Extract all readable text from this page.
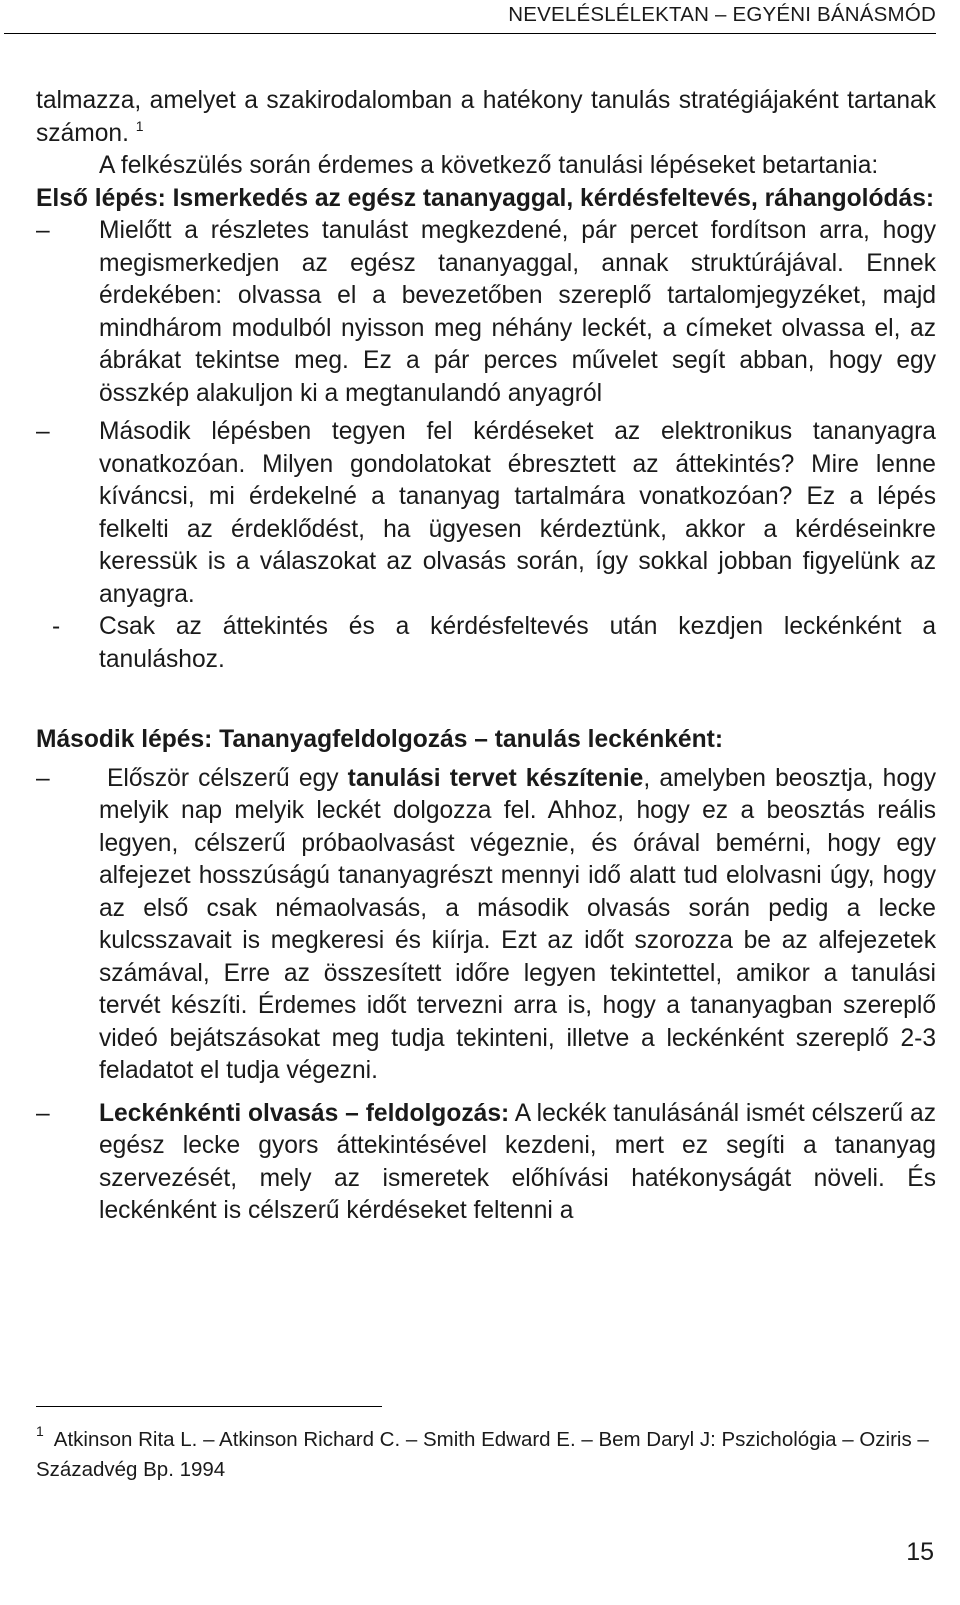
NEVELÉSLÉLEKTAN – EGYÉNI BÁNÁSMÓD

talmazza, amelyet a szakirodalomban a hatékony tanulás stratégiájaként tartanak számon. $^1$

A felkészülés során érdemes a következő tanulási lépéseket betartania:

Első lépés: Ismerkedés az egész tananyaggal, kérdésfeltevés, ráhangolódás:

– Mielőtt a részletes tanulást megkezdené, pár percet fordítson arra, hogy megismerkedjen az egész tananyaggal, annak struktúrájával. Ennek érdekében: olvassa el a bevezetőben szereplő tartalomjegyzéket, majd mindhárom modulból nyisson meg néhány leckét, a címeket olvassa el, az ábrákat tekintse meg. Ez a pár perces művelet segít abban, hogy egy összkép alakuljon ki a megtanulandó anyagról
– Második lépésben tegyen fel kérdéseket az elektronikus tananyagra vonatkozóan. Milyen gondolatokat ébresztett az áttekintés? Mire lenne kíváncsi, mi érdekelné a tananyag tartalmára vonatkozóan? Ez a lépés felkelti az érdeklődést, ha ügyesen kérdeztünk, akkor a kérdéseinkre keressük is a válaszokat az olvasás során, így sokkal jobban figyelünk az anyagra.
- Csak az áttekintés és a kérdésfeltevés után kezdjen leckénként a tanuláshoz.

Második lépés: Tananyagfeldolgozás – tanulás leckénként:

– Először célszerű egy tanulási tervet készítenie, amelyben beosztja, hogy melyik nap melyik leckét dolgozza fel. Ahhoz, hogy ez a beosztás reális legyen, célszerű próbaolvasást végeznie, és órával bemérni, hogy egy alfejezet hosszúságú tananyagrészt mennyi idő alatt tud elolvasni úgy, hogy az első csak némaolvasás, a második olvasás során pedig a lecke kulcsszavait is megkeresi és kiírja. Ezt az időt szorozza be az alfejezetek számával, Erre az összesített időre legyen tekintettel, amikor a tanulási tervét készíti. Érdemes időt tervezni arra is, hogy a tananyagban szereplő videó bejátszásokat meg tudja tekinteni, illetve a leckénként szereplő 2-3 feladatot el tudja végezni.
– Leckénkénti olvasás – feldolgozás: A leckék tanulásánál ismét célszerű az egész lecke gyors áttekintésével kezdeni, mert ez segíti a tananyag szervezését, mely az ismeretek előhívási hatékonyságát növeli. És leckénként is célszerű kérdéseket feltenni a
$^1$ Atkinson Rita L. – Atkinson Richard C. – Smith Edward E. – Bem Daryl J: Pszichológia – Oziris – Századvég Bp. 1994
15
